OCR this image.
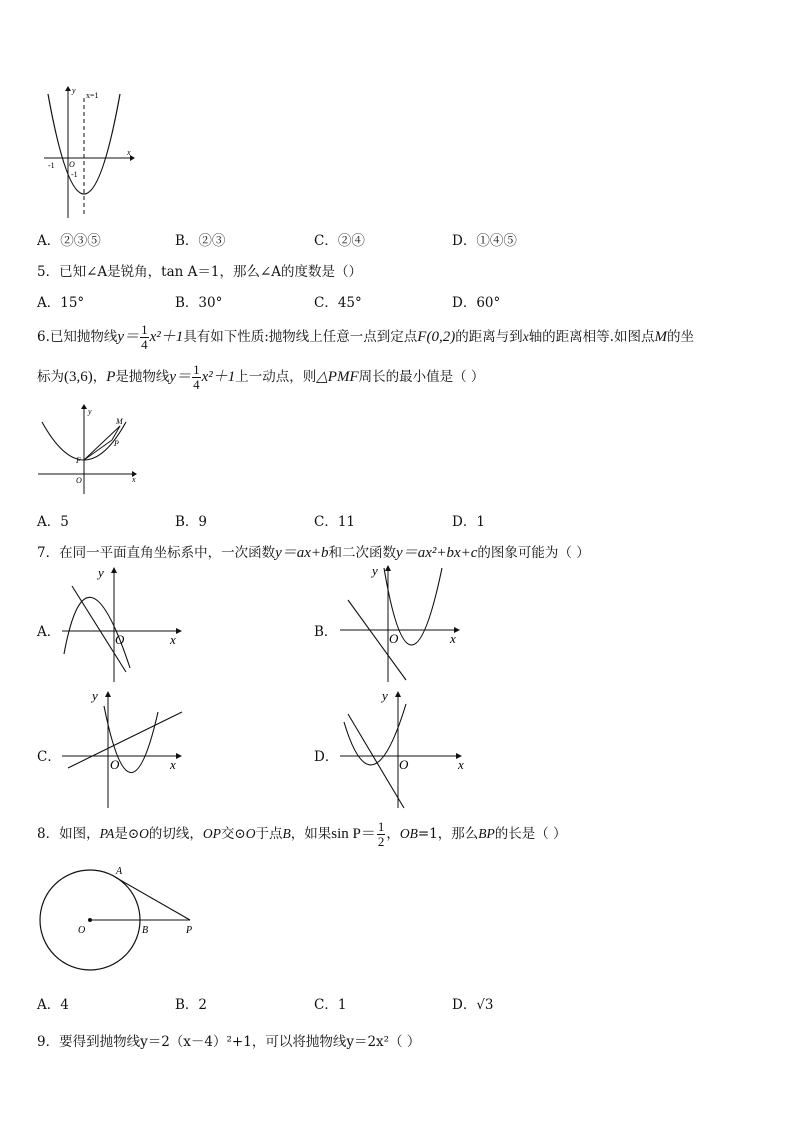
y
x
x=1
O
-1
-1
A．②③⑤	B．②③	C．②④	D．①④⑤
5．已知∠A是锐角，tan A＝1，那么∠A的度数是（）
A．15°	B．30°	C．45°	D．60°
6.已知抛物线$y= \frac{1}{4} x^2+1$具有如下性质:抛物线上任意一点到定点F(0,2)的距离与到x轴的距离相等.如图点M的坐
标为(3,6)，P是抛物线$y= \frac{1}{4} x^2+1$上一动点，则△PMF周长的最小值是（ ）
y
x
M
P
F
O
A．5	B．9	C．11	D．1
7．在同一平面直角坐标系中，一次函数y＝ax+b和二次函数y＝ax²+bx+c的图象可能为（ ）
A．
y
x
O	B．
y
x
O
C．
y
x
O	D．
y
x
O
8．如图，PA是⊙O的切线，OP交⊙O于点B，如果$\sin P= \frac{1}{2}$ ，OB=1，那么BP的长是（ ）
A
O	B	P
A．4	B．2	C．1	D．√3
9．要得到抛物线y＝2（x－4）²+1，可以将抛物线y＝2x²（ ）
